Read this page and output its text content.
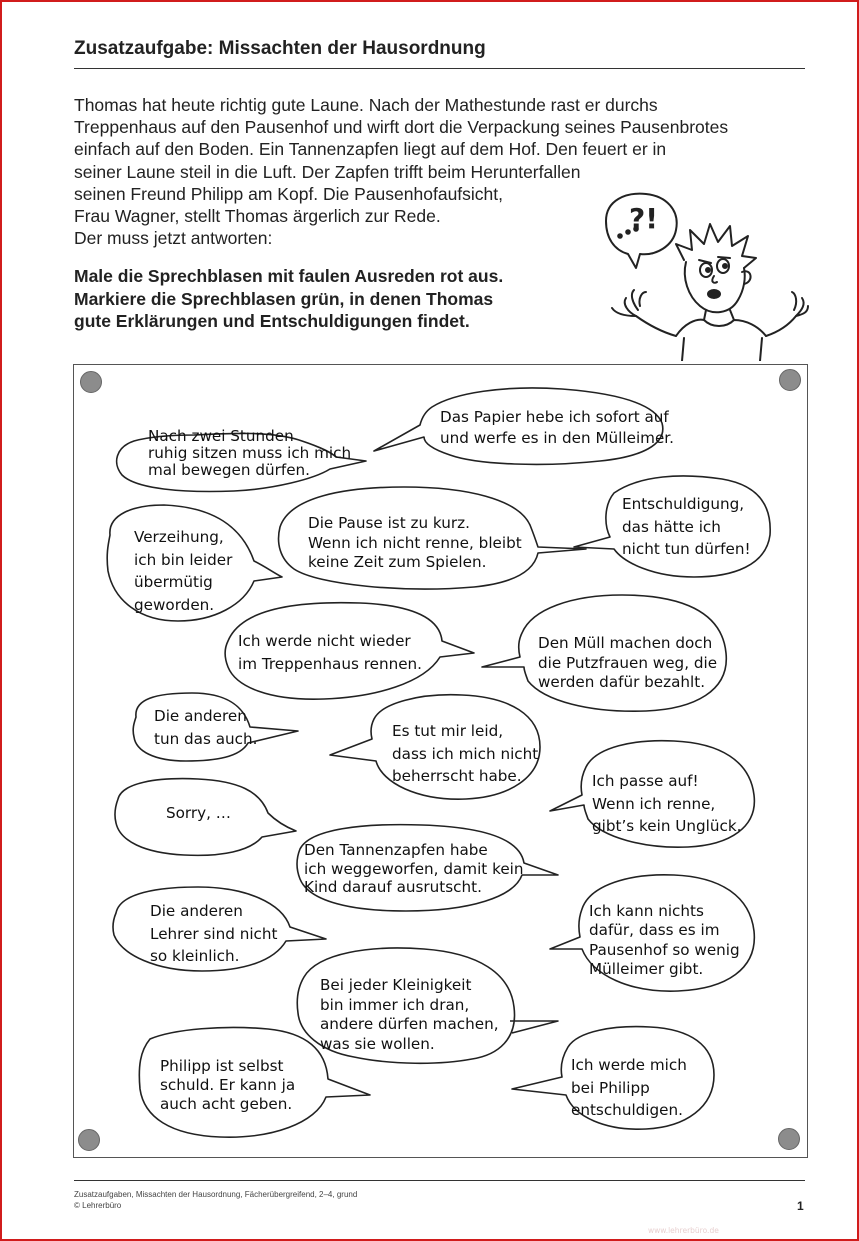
Zusatzaufgabe: Missachten der Hausordnung
Thomas hat heute richtig gute Laune. Nach der Mathestunde rast er durchs
Treppenhaus auf den Pausenhof und wirft dort die Verpackung seines Pausenbrotes
einfach auf den Boden. Ein Tannenzapfen liegt auf dem Hof. Den feuert er in
seiner Laune steil in die Luft. Der Zapfen trifft beim Herunterfallen
seinen Freund Philipp am Kopf. Die Pausenhofaufsicht,
Frau Wagner, stellt Thomas ärgerlich zur Rede.
Der muss jetzt antworten:
Male die Sprechblasen mit faulen Ausreden rot aus.
Markiere die Sprechblasen grün, in denen Thomas
gute Erklärungen und Entschuldigungen findet.
?!
Nach zwei Stunden
ruhig sitzen muss ich mich
mal bewegen dürfen.
Das Papier hebe ich sofort auf
und werfe es in den Mülleimer.
Verzeihung,
ich bin leider
übermütig
geworden.
Die Pause ist zu kurz.
Wenn ich nicht renne, bleibt
keine Zeit zum Spielen.
Entschuldigung,
das hätte ich
nicht tun dürfen!
Ich werde nicht wieder
im Treppenhaus rennen.
Den Müll machen doch
die Putzfrauen weg, die
werden dafür bezahlt.
Die anderen
tun das auch.	Es tut mir leid,
dass ich mich nicht
beherrscht habe.	Ich passe auf!
Wenn ich renne,
gibt’s kein Unglück.
Sorry, …
Den Tannenzapfen habe
ich weggeworfen, damit kein
Kind darauf ausrutscht.
Die anderen
Lehrer sind nicht
so kleinlich.
Ich kann nichts
dafür, dass es im
Pausenhof so wenig
Mülleimer gibt.
Bei jeder Kleinigkeit
bin immer ich dran,
andere dürfen machen,
was sie wollen.
Philipp ist selbst
schuld. Er kann ja
auch acht geben.
Ich werde mich
bei Philipp
entschuldigen.
Zusatzaufgaben, Missachten der Hausordnung, Fächerübergreifend, 2–4, grund
© Lehrerbüro	1
www.lehrerbüro.de
